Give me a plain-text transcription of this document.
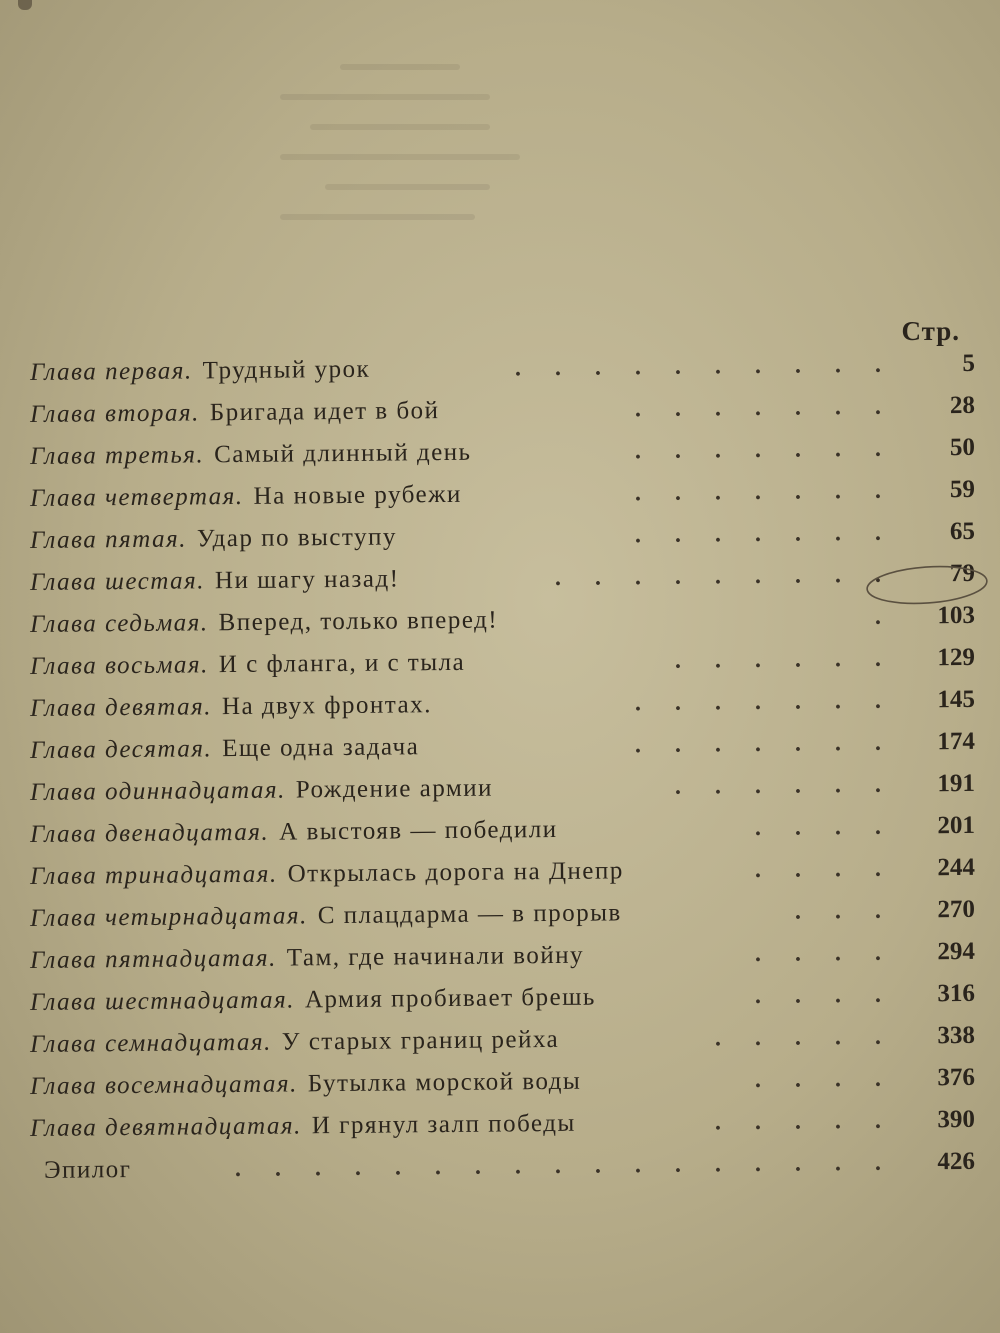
Стр.
Глава первая. Трудный урок	. . . . . . . . . .	5
Глава вторая. Бригада идет в бой	. . . . . . .	28
Глава третья. Самый длинный день	. . . . . . .	50
Глава четвертая. На новые рубежи	. . . . . . .	59
Глава пятая. Удар по выступу	. . . . . . .	65
Глава шестая. Ни шагу назад!	. . . . . . . . .	79
Глава седьмая. Вперед, только вперед!	.	103
Глава восьмая. И с фланга, и с тыла	. . . . . .	129
Глава девятая. На двух фронтах.	. . . . . . .	145
Глава десятая. Еще одна задача	. . . . . . .	174
Глава одиннадцатая. Рождение армии	. . . . . .	191
Глава двенадцатая. А выстояв — победили	. . . .	201
Глава тринадцатая. Открылась дорога на Днепр	. . . .	244
Глава четырнадцатая. С плацдарма — в прорыв	. . .	270
Глава пятнадцатая. Там, где начинали войну	. . . .	294
Глава шестнадцатая. Армия пробивает брешь	. . . .	316
Глава семнадцатая. У старых границ рейха	. . . . .	338
Глава восемнадцатая. Бутылка морской воды	. . . .	376
Глава девятнадцатая. И грянул залп победы	. . . . .	390
Эпилог	. . . . . . . . . . . . . . . . .	426
